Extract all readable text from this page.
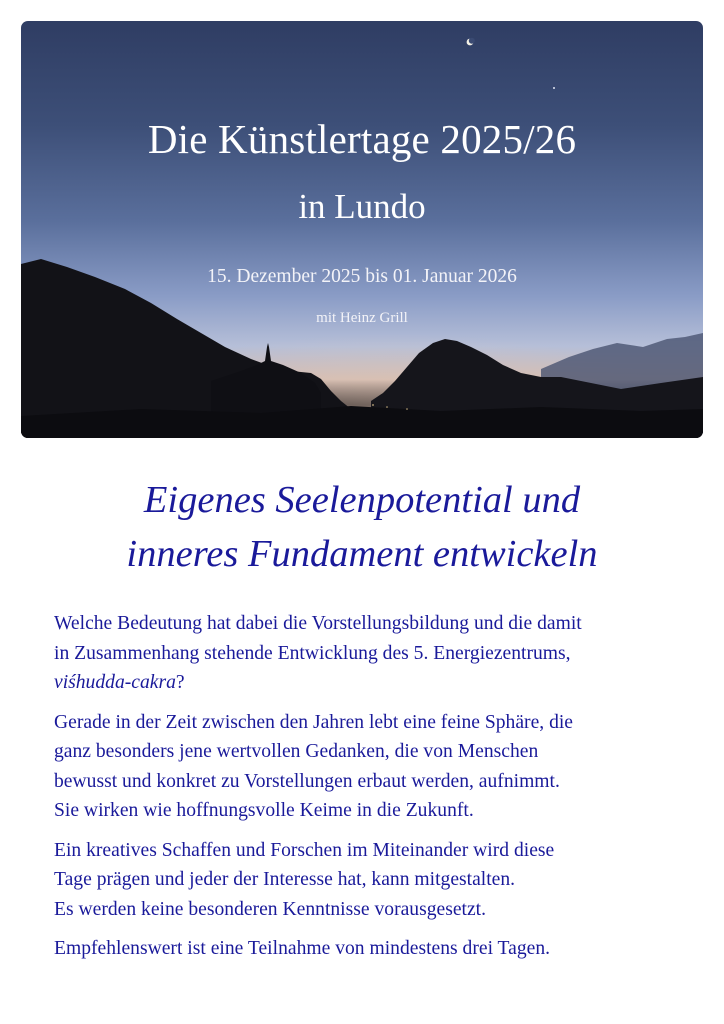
Die Künstlertage 2025/26
in Lundo
15. Dezember 2025 bis 01. Januar 2026
mit Heinz Grill
Eigenes Seelenpotential und
inneres Fundament entwickeln

Welche Bedeutung hat dabei die Vorstellungsbildung und die damit
in Zusammenhang stehende Entwicklung des 5. Energiezentrums,
viśhudda-cakra?

Gerade in der Zeit zwischen den Jahren lebt eine feine Sphäre, die
ganz besonders jene wertvollen Gedanken, die von Menschen
bewusst und konkret zu Vorstellungen erbaut werden, aufnimmt.
Sie wirken wie hoffnungsvolle Keime in die Zukunft.

Ein kreatives Schaffen und Forschen im Miteinander wird diese
Tage prägen und jeder der Interesse hat, kann mitgestalten.
Es werden keine besonderen Kenntnisse vorausgesetzt.

Empfehlenswert ist eine Teilnahme von mindestens drei Tagen.
